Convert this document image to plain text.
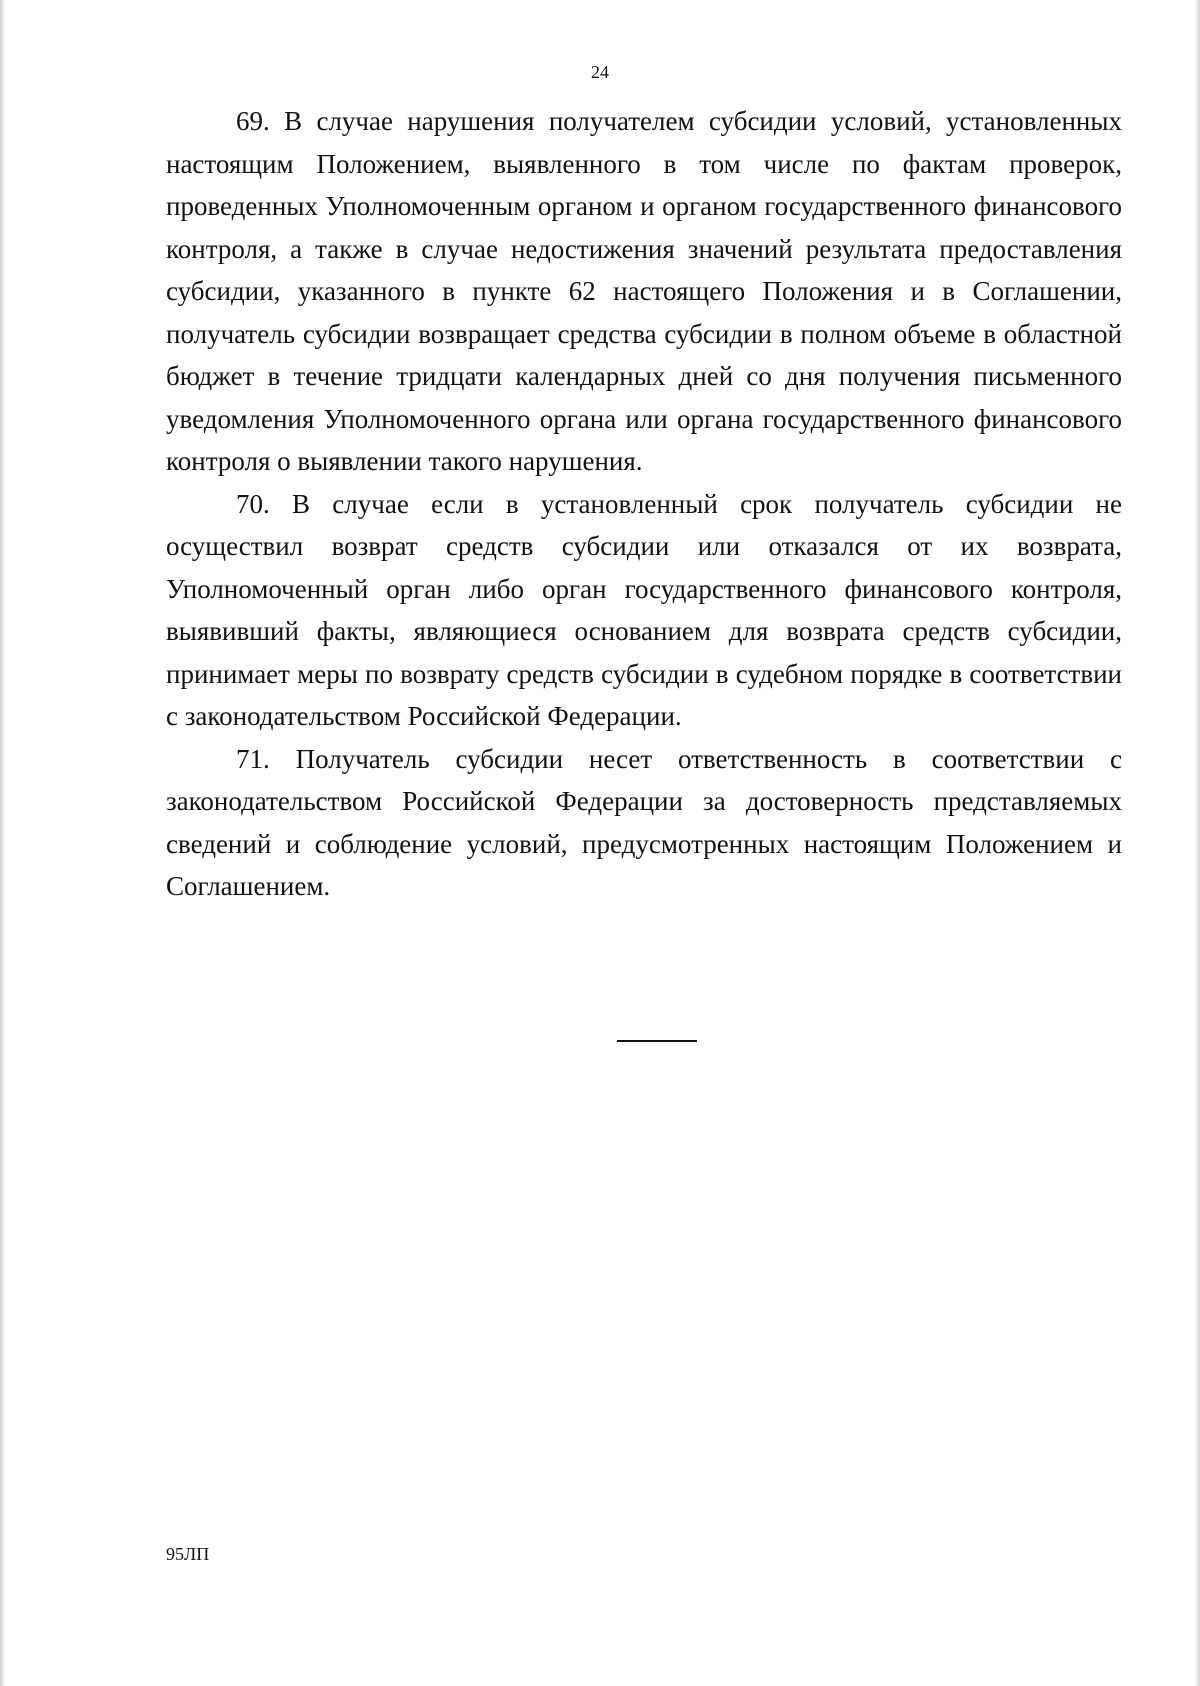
24

69. В случае нарушения получателем субсидии условий, установленных настоящим Положением, выявленного в том числе по фактам проверок, проведенных Уполномоченным органом и органом государственного финансового контроля, а также в случае недостижения значений результата предоставления субсидии, указанного в пункте 62 настоящего Положения и в Соглашении, получатель субсидии возвращает средства субсидии в полном объеме в областной бюджет в течение тридцати календарных дней со дня получения письменного уведомления Уполномоченного органа или органа государственного финансового контроля о выявлении такого нарушения.

70. В случае если в установленный срок получатель субсидии не осуществил возврат средств субсидии или отказался от их возврата, Уполномоченный орган либо орган государственного финансового контроля, выявивший факты, являющиеся основанием для возврата средств субсидии, принимает меры по возврату средств субсидии в судебном порядке в соответствии с законодательством Российской Федерации.

71. Получатель субсидии несет ответственность в соответствии с законодательством Российской Федерации за достоверность представляемых сведений и соблюдение условий, предусмотренных настоящим Положением и Соглашением.

95ЛП
